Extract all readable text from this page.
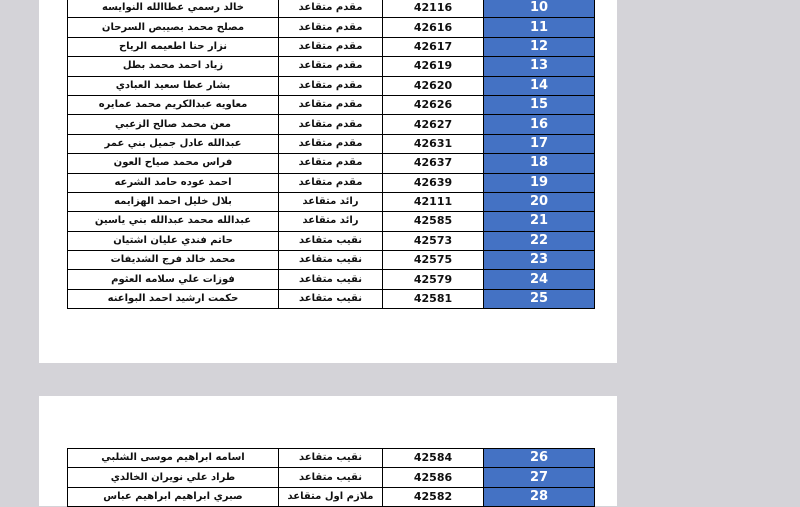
خالد رسمي عطاالله النوايسه	مقدم متقاعد	42116	10
مصلح محمد بصيبص السرحان	مقدم متقاعد	42616	11
نزار حنا اطعيمه الرياح	مقدم متقاعد	42617	12
زياد احمد محمد بطل	مقدم متقاعد	42619	13
بشار عطا سعيد العبادي	مقدم متقاعد	42620	14
معاويه عبدالكريم محمد عمايره	مقدم متقاعد	42626	15
معن محمد صالح الزعبي	مقدم متقاعد	42627	16
عبدالله عادل جميل بني عمر	مقدم متقاعد	42631	17
فراس محمد صياح العون	مقدم متقاعد	42637	18
احمد عوده حامد الشرعه	مقدم متقاعد	42639	19
بلال خليل احمد الهزايمه	رائد متقاعد	42111	20
عبدالله محمد عبدالله بني ياسين	رائد متقاعد	42585	21
حاتم فندي عليان اشتيان	نقيب متقاعد	42573	22
محمد خالد فرج الشديفات	نقيب متقاعد	42575	23
فوزات علي سلامه العثوم	نقيب متقاعد	42579	24
حكمت ارشيد احمد البواعنه	نقيب متقاعد	42581	25
اسامه ابراهيم موسى الشلبي	نقيب متقاعد	42584	26
طراد علي نويران الخالدي	نقيب متقاعد	42586	27
صبري ابراهيم ابراهيم عباس	ملازم اول متقاعد	42582	28
